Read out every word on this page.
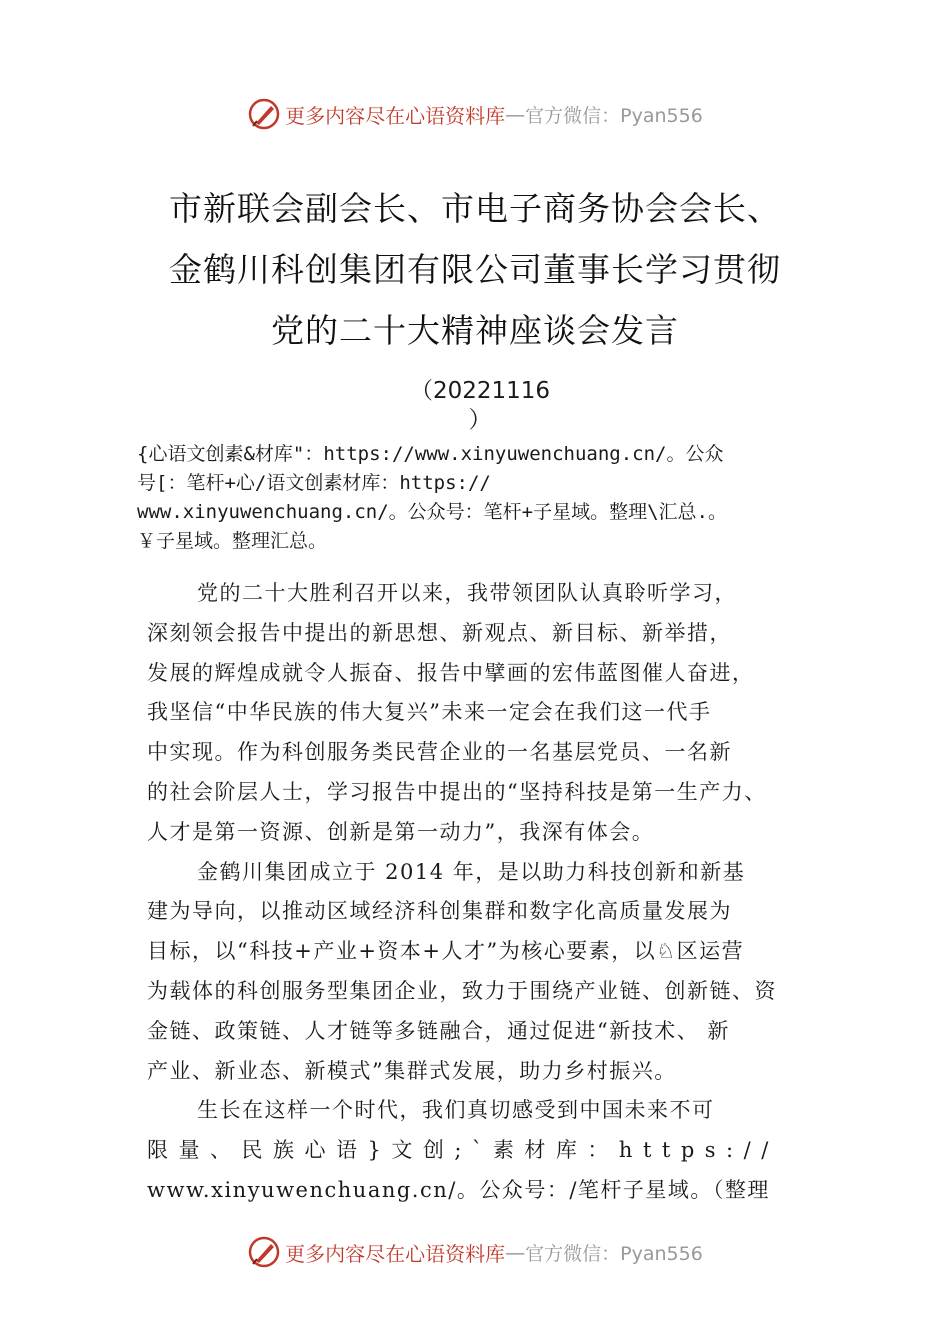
更多内容尽在心语资料库 — 官方微信：Pyan556
市新联会副会长、市电子商务协会会长、
金鹤川科创集团有限公司董事长学习贯彻
党的二十大精神座谈会发言
（20221116
）
{心语文创素&材库"：https://www.xinyuwenchuang.cn/。公众
号[：笔杆+心/语文创素材库：https://
www.xinyuwenchuang.cn/。公众号：笔杆+子星域。整理\汇总.。
￥子星域。整理汇总。
党的二十大胜利召开以来，我带领团队认真聆听学习，
深刻领会报告中提出的新思想、新观点、新目标、新举措，
发展的辉煌成就令人振奋、报告中擘画的宏伟蓝图催人奋进，
我坚信“中华民族的伟大复兴”未来一定会在我们这一代手
中实现。作为科创服务类民营企业的一名基层党员、一名新
的社会阶层人士，学习报告中提出的“坚持科技是第一生产力、
人才是第一资源、创新是第一动力”，我深有体会。
金鹤川集团成立于 2014 年，是以助力科技创新和新基
建为导向，以推动区域经济科创集群和数字化高质量发展为
目标，以“科技+产业+资本+人才”为核心要素，以♘区运营
为载体的科创服务型集团企业，致力于围绕产业链、创新链、资
金链、政策链、人才链等多链融合，通过促进“新技术、 新
产业、新业态、新模式”集群式发展，助力乡村振兴。
生长在这样一个时代，我们真切感受到中国未来不可
限量、民族心语}文创;`素材库：https://
www.xinyuwenchuang.cn/。公众号：/笔杆子星域。（整理
更多内容尽在心语资料库 — 官方微信：Pyan556
